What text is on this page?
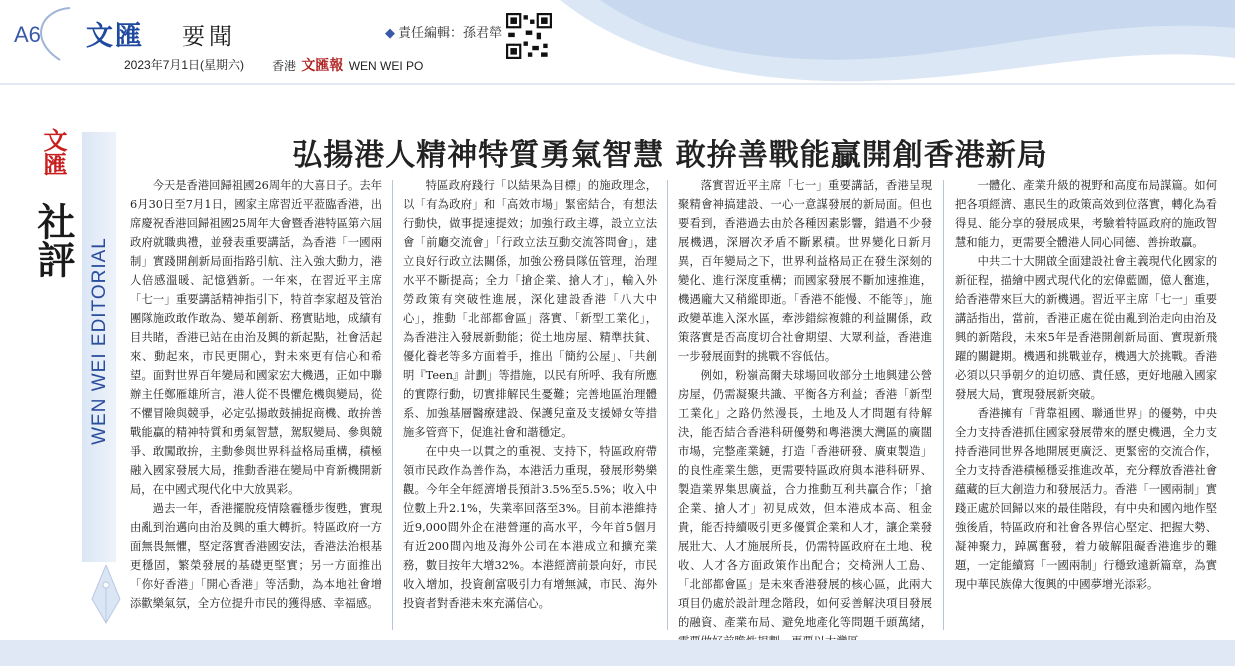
A6 文匯 要聞	◆ 責任編輯：孫君犖
2023年7月1日(星期六) 香港 文匯報 WEN WEI PO
文匯
社評 WEN WEI EDITORIAL
弘揚港人精神特質勇氣智慧 敢拚善戰能贏開創香港新局

今天是香港回歸祖國26周年的大喜日子。去年6月30日至7月1日，國家主席習近平蒞臨香港，出席慶祝香港回歸祖國25周年大會暨香港特區第六屆政府就職典禮，並發表重要講話，為香港「一國兩制」實踐開創新局面指路引航、注入強大動力，港人倍感溫暖、記憶猶新。一年來，在習近平主席「七一」重要講話精神指引下，特首李家超及管治團隊施政敢作敢為、變革創新、務實貼地，成績有目共睹，香港已站在由治及興的新起點，社會活起來、動起來，市民更開心，對未來更有信心和希望。面對世界百年變局和國家宏大機遇，正如中聯辦主任鄭雁雄所言，港人從不畏懼危機與變局，從不懼冒險與競爭，必定弘揚敢鼓捕捉商機、敢拚善戰能贏的精神特質和勇氣智慧，駕馭變局、參與競爭、敢闖敢拚，主動參與世界科益格局重構，積極融入國家發展大局，推動香港在變局中育新機開新局，在中國式現代化中大放異彩。

過去一年，香港擺脫疫情陰霾穩步復甦，實現由亂到治邁向由治及興的重大轉折。特區政府一方面無畏無懼，堅定落實香港國安法，香港法治根基更穩固，繁榮發展的基礎更堅實；另一方面推出「你好香港」「開心香港」等活動，為本地社會增添歡樂氣氛，全方位提升市民的獲得感、幸福感。

特區政府踐行「以結果為目標」的施政理念，以「有為政府」和「高效市場」緊密結合，有想法行動快，做事提速提效；加強行政主導，設立立法會「前廳交流會」「行政立法互動交流答問會」，建立良好行政立法關係，加強公務員隊伍管理，治理水平不斷提高；全力「搶企業、搶人才」，輸入外勞政策有突破性進展，深化建設香港「八大中心」，推動「北部都會區」落實、「新型工業化」，為香港注入發展新動能；從土地房屋、精準扶貧、優化養老等多方面着手，推出「簡約公屋」、「共創明『Teen』計劃」等措施，以民有所呼、我有所應的實際行動，切實排解民生憂難；完善地區治理體系、加強基層醫療建設、保護兒童及支援婦女等措施多管齊下，促進社會和諧穩定。

在中央一以貫之的重視、支持下，特區政府帶領市民政作為善作為，本港活力重現，發展形勢樂觀。今年全年經濟增長預計3.5%至5.5%；收入中位數上升2.1%，失業率回落至3%。目前本港維持近9,000間外企在港營運的高水平，今年首5個月有近200間內地及海外公司在本港成立和擴充業務，數目按年大增32%。本港經濟前景向好，市民收入增加，投資創富吸引力有增無減，市民、海外投資者對香港未來充滿信心。

落實習近平主席「七一」重要講話，香港呈現聚精會神搞建設、一心一意謀發展的新局面。但也要看到，香港過去由於各種因素影響，錯過不少發展機遇，深層次矛盾不斷累積。世界變化日新月異，百年變局之下，世界利益格局正在發生深刻的變化、進行深度重構；而國家發展不斷加速推進，機遇龐大又稍縱即逝。「香港不能慢、不能等」，施政變革進入深水區，牽涉錯綜複雜的利益關係，政策落實是否高度切合社會期望、大眾利益，香港進一步發展面對的挑戰不容低估。

例如，粉嶺高爾夫球場回收部分土地興建公營房屋，仍需凝聚共識、平衡各方利益；香港「新型工業化」之路仍然漫長，土地及人才問題有待解決，能否結合香港科研優勢和粵港澳大灣區的廣闊市場，完整產業鏈，打造「香港研發、廣東製造」的良性產業生態，更需要特區政府與本港科研界、製造業界集思廣益，合力推動互利共贏合作；「搶企業、搶人才」初見成效，但本港成本高、租金貴，能否持續吸引更多優質企業和人才，讓企業發展壯大、人才施展所長，仍需特區政府在土地、稅收、人才各方面政策作出配合；交椅洲人工島、「北部都會區」是未來香港發展的核心區，此兩大項目仍處於設計理念階段，如何妥善解決項目發展的融資、產業布局、避免地產化等問題千頭萬緒，

一體化、產業升級的視野和高度布局謀篇。如何把各項經濟、惠民生的政策高效到位落實，轉化為看得見、能分享的發展成果，考驗着特區政府的施政智慧和能力，更需要全體港人同心同德、善拚敢贏。

中共二十大開啟全面建設社會主義現代化國家的新征程，描繪中國式現代化的宏偉藍圖，億人奮進，給香港帶來巨大的新機遇。習近平主席「七一」重要講話指出，當前，香港正處在從由亂到治走向由治及興的新階段，未來5年是香港開創新局面、實現新飛躍的關鍵期。機遇和挑戰並存，機遇大於挑戰。香港必須以只爭朝夕的迫切感、責任感，更好地融入國家發展大局，實現發展新突破。

香港擁有「背靠祖國、聯通世界」的優勢，中央全力支持香港抓住國家發展帶來的歷史機遇，全力支持香港同世界各地開展更廣泛、更緊密的交流合作，全力支持香港積極穩妥推進改革，充分釋放香港社會蘊藏的巨大創造力和發展活力。香港「一國兩制」實踐正處於回歸以來的最佳階段，有中央和國內地作堅強後盾，特區政府和社會各界信心堅定、把握大勢、凝神聚力，踔厲奮發，着力破解阻礙香港進步的難題，一定能續寫「一國兩制」行穩致遠新篇章，為實現中華民族偉大復興的中國夢增光添彩。
